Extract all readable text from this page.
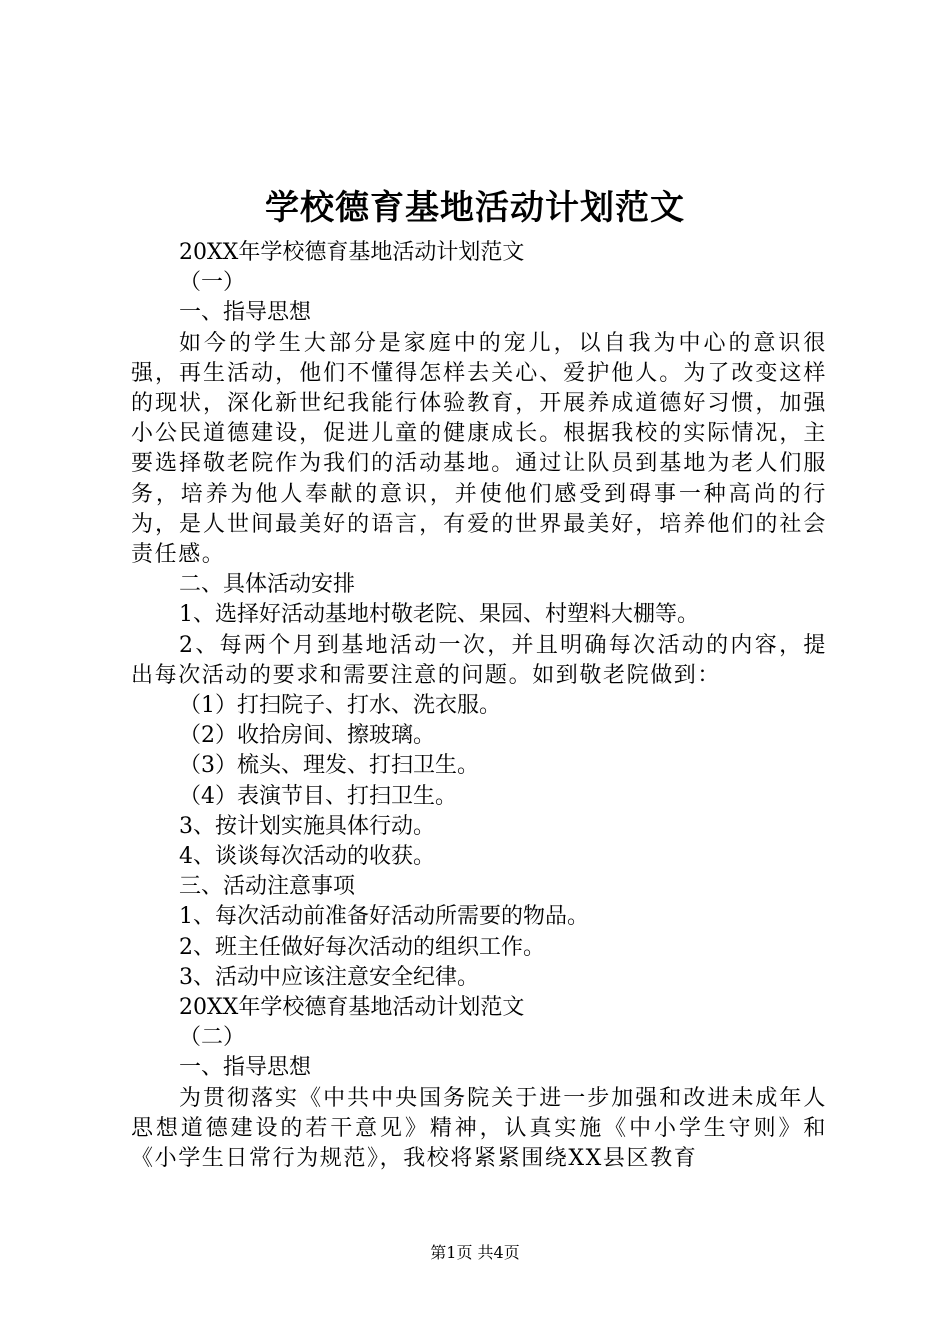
学校德育基地活动计划范文

20XX年学校德育基地活动计划范文

（一）

一、指导思想

如今的学生大部分是家庭中的宠儿，以自我为中心的意识很强，再生活动，他们不懂得怎样去关心、爱护他人。为了改变这样的现状，深化新世纪我能行体验教育，开展养成道德好习惯，加强小公民道德建设，促进儿童的健康成长。根据我校的实际情况，主要选择敬老院作为我们的活动基地。通过让队员到基地为老人们服务，培养为他人奉献的意识，并使他们感受到碍事一种高尚的行为，是人世间最美好的语言，有爱的世界最美好，培养他们的社会责任感。

二、具体活动安排

1、选择好活动基地村敬老院、果园、村塑料大棚等。

2、每两个月到基地活动一次，并且明确每次活动的内容，提出每次活动的要求和需要注意的问题。如到敬老院做到：

（1）打扫院子、打水、洗衣服。

（2）收拾房间、擦玻璃。

（3）梳头、理发、打扫卫生。

（4）表演节目、打扫卫生。

3、按计划实施具体行动。

4、谈谈每次活动的收获。

三、活动注意事项

1、每次活动前准备好活动所需要的物品。

2、班主任做好每次活动的组织工作。

3、活动中应该注意安全纪律。

20XX年学校德育基地活动计划范文

（二）

一、指导思想

为贯彻落实《中共中央国务院关于进一步加强和改进未成年人思想道德建设的若干意见》精神，认真实施《中小学生守则》和《小学生日常行为规范》，我校将紧紧围绕XX县区教育

第1页 共4页
